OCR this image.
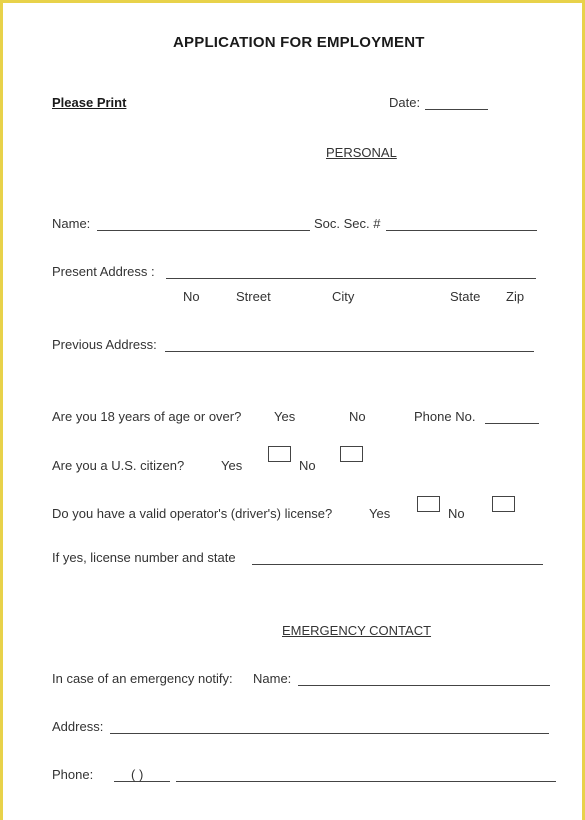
APPLICATION FOR EMPLOYMENT
Please Print	Date:
PERSONAL
Name:	Soc. Sec. #
Present Address :
No	Street	City	State Zip
Previous Address:
Are you 18 years of age or over?	Yes	No	Phone No.
Are you a U.S. citizen?	Yes	No
Do you have a valid operator's (driver's) license?	Yes	No
If yes, license number and state
EMERGENCY CONTACT
In case of an emergency notify: Name:
Address:
Phone:	( )
